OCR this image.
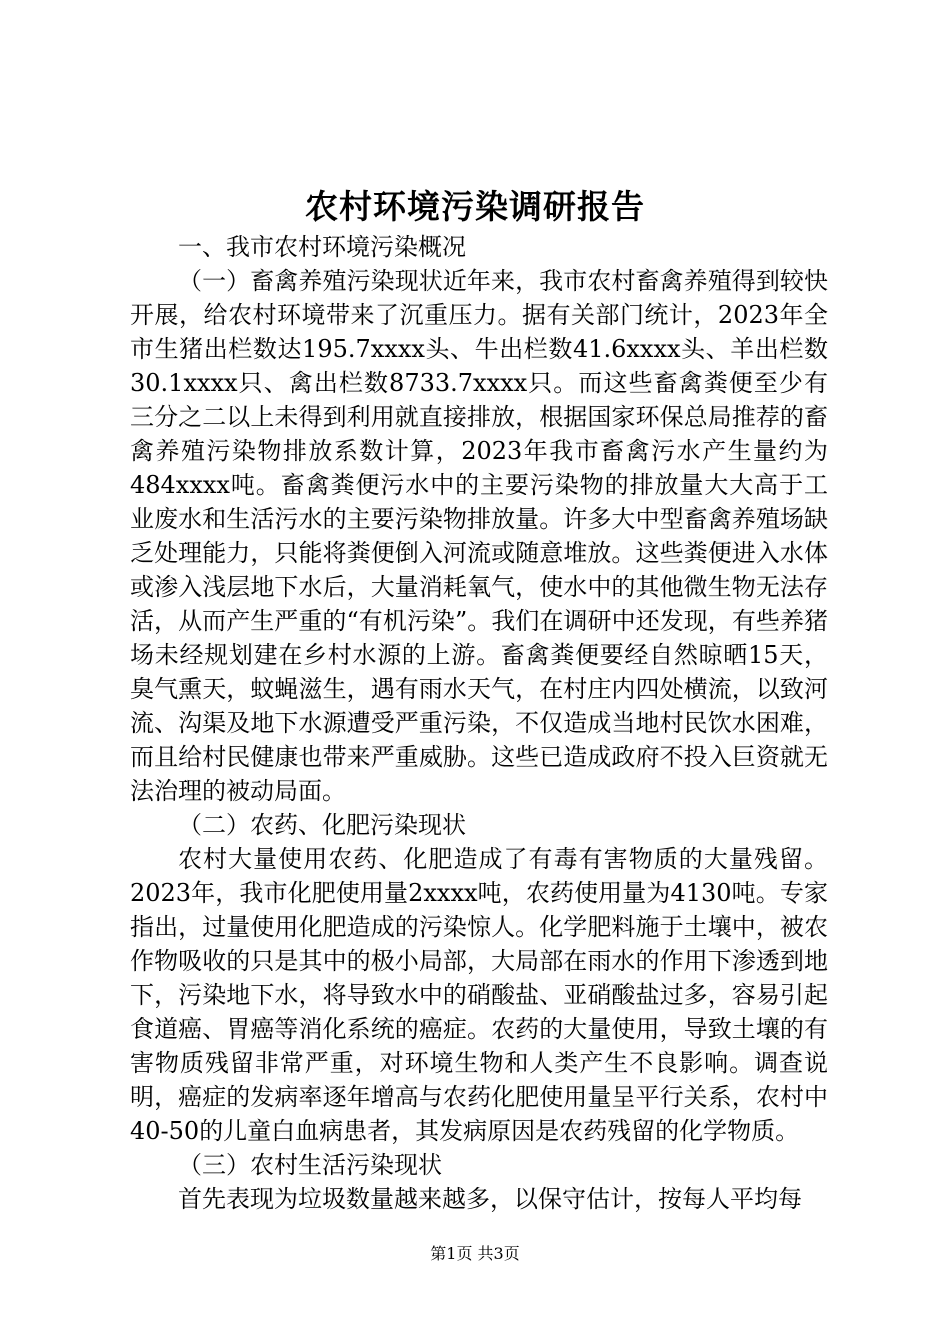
农村环境污染调研报告

一、我市农村环境污染概况

（一）畜禽养殖污染现状近年来，我市农村畜禽养殖得到较快开展，给农村环境带来了沉重压力。据有关部门统计，2023年全市生猪出栏数达195.7xxxx头、牛出栏数41.6xxxx头、羊出栏数30.1xxxx只、禽出栏数8733.7xxxx只。而这些畜禽粪便至少有三分之二以上未得到利用就直接排放，根据国家环保总局推荐的畜禽养殖污染物排放系数计算，2023年我市畜禽污水产生量约为484xxxx吨。畜禽粪便污水中的主要污染物的排放量大大高于工业废水和生活污水的主要污染物排放量。许多大中型畜禽养殖场缺乏处理能力，只能将粪便倒入河流或随意堆放。这些粪便进入水体或渗入浅层地下水后，大量消耗氧气，使水中的其他微生物无法存活，从而产生严重的“有机污染”。我们在调研中还发现，有些养猪场未经规划建在乡村水源的上游。畜禽粪便要经自然晾晒15天，臭气熏天，蚊蝇滋生，遇有雨水天气，在村庄内四处横流，以致河流、沟渠及地下水源遭受严重污染，不仅造成当地村民饮水困难，而且给村民健康也带来严重威胁。这些已造成政府不投入巨资就无法治理的被动局面。

（二）农药、化肥污染现状

农村大量使用农药、化肥造成了有毒有害物质的大量残留。2023年，我市化肥使用量2xxxx吨，农药使用量为4130吨。专家指出，过量使用化肥造成的污染惊人。化学肥料施于土壤中，被农作物吸收的只是其中的极小局部，大局部在雨水的作用下渗透到地下，污染地下水，将导致水中的硝酸盐、亚硝酸盐过多，容易引起食道癌、胃癌等消化系统的癌症。农药的大量使用，导致土壤的有害物质残留非常严重，对环境生物和人类产生不良影响。调查说明，癌症的发病率逐年增高与农药化肥使用量呈平行关系，农村中40-50的儿童白血病患者，其发病原因是农药残留的化学物质。

（三）农村生活污染现状

首先表现为垃圾数量越来越多，以保守估计，按每人平均每

第1页 共3页
